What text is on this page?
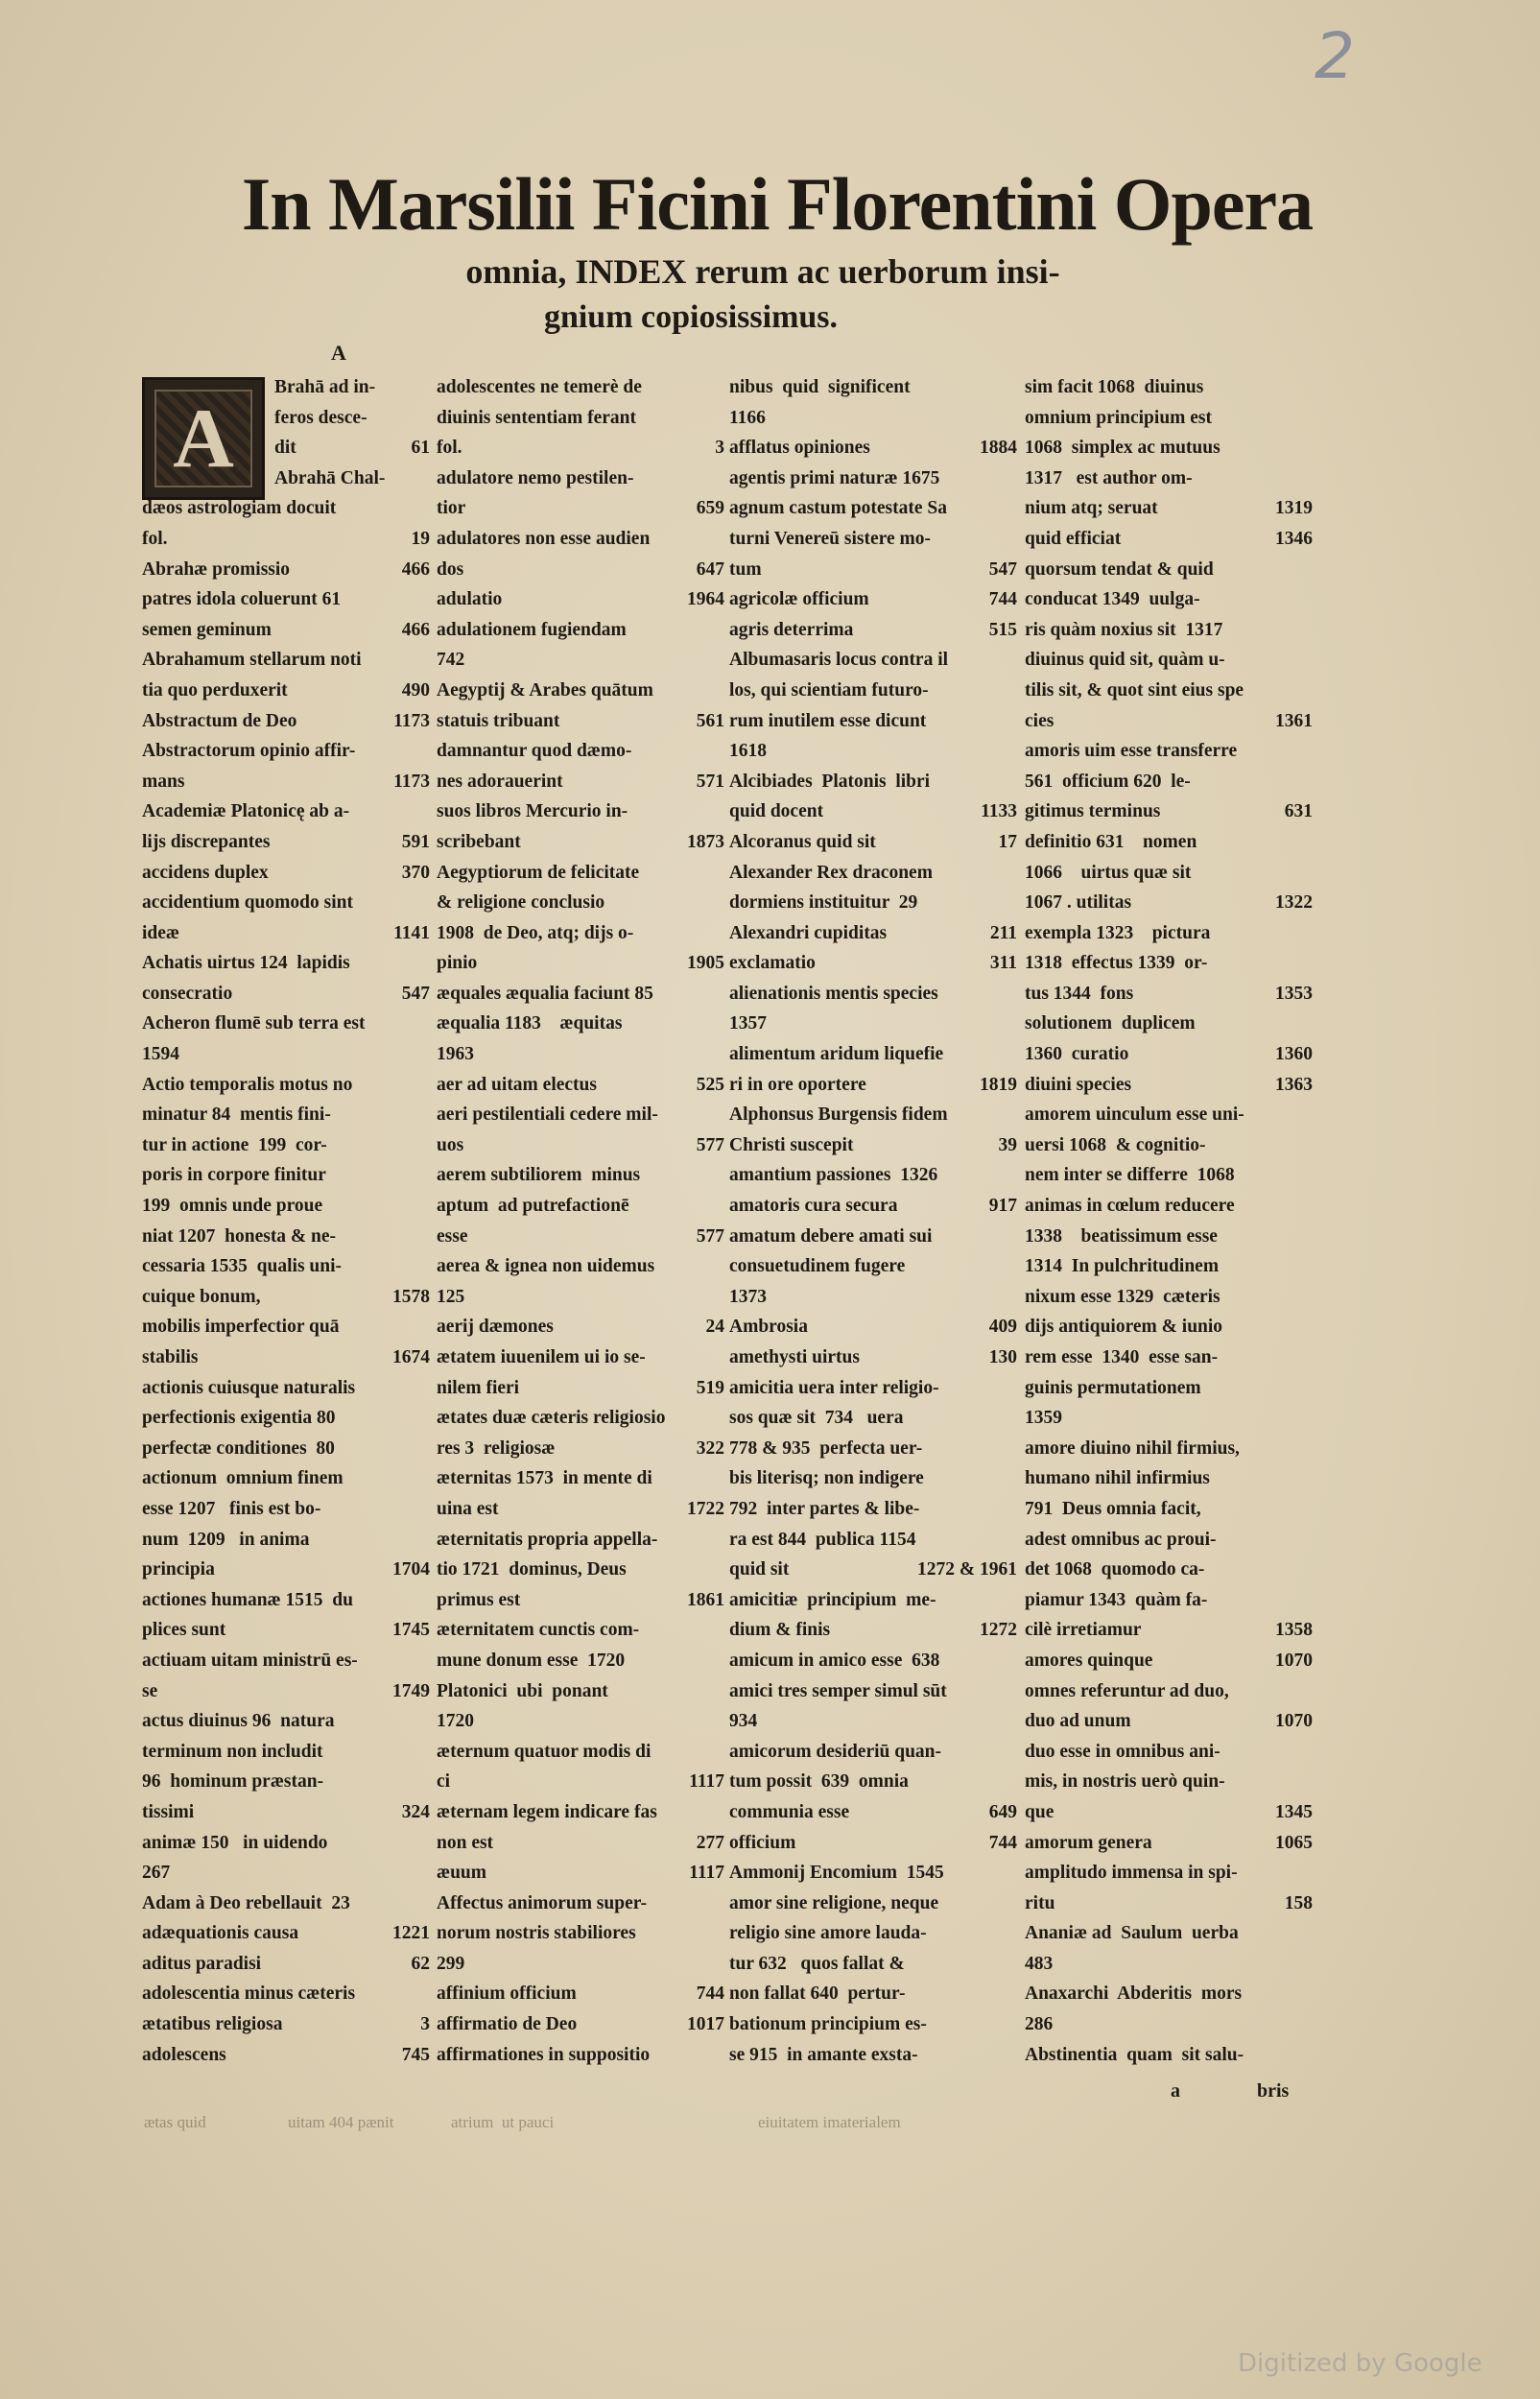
2
In Marsilii Ficini Florentini Opera
omnia, INDEX rerum ac uerborum insi-
gnium copiosissimus.
A
A
Brahā ad in-
feros desce-
dit	61
Abrahā Chal-
dæos astrologiam docuit
fol.	19
Abrahæ promissio	466
patres idola coluerunt 61
semen geminum	466
Abrahamum stellarum noti
tia quo perduxerit	490
Abstractum de Deo	1173
Abstractorum opinio affir-
mans	1173
Academiæ Platonicę ab a-
lijs discrepantes	591
accidens duplex	370
accidentium quomodo sint
ideæ	1141
Achatis uirtus 124  lapidis
consecratio	547
Acheron flumē sub terra est
1594
Actio temporalis motus no
minatur 84  mentis fini-
tur in actione  199  cor-
poris in corpore finitur
199  omnis unde proue
niat 1207  honesta & ne-
cessaria 1535  qualis uni-
cuique bonum,	1578
mobilis imperfectior quā
stabilis	1674
actionis cuiusque naturalis
perfectionis exigentia 80
perfectæ conditiones  80
actionum  omnium finem
esse 1207   finis est bo-
num  1209   in anima
principia	1704
actiones humanæ 1515  du
plices sunt	1745
actiuam uitam ministrū es-
se	1749
actus diuinus 96  natura
terminum non includit
96  hominum præstan-
tissimi	324
animæ 150   in uidendo
267
Adam à Deo rebellauit  23
adæquationis causa	1221
aditus paradisi	62
adolescentia minus cæteris
ætatibus religiosa	3
adolescens	745
adolescentes ne temerè de
diuinis sententiam ferant
fol.	3
adulatore nemo pestilen-
tior	659
adulatores non esse audien
dos	647
adulatio	1964
adulationem fugiendam
742
Aegyptij & Arabes quātum
statuis tribuant	561
damnantur quod dæmo-
nes adorauerint	571
suos libros Mercurio in-
scribebant	1873
Aegyptiorum de felicitate
& religione conclusio
1908  de Deo, atq; dijs o-
pinio	1905
æquales æqualia faciunt 85
æqualia 1183    æquitas
1963
aer ad uitam electus	525
aeri pestilentiali cedere mil-
uos	577
aerem subtiliorem  minus
aptum  ad putrefactionē
esse	577
aerea & ignea non uidemus
125
aerij dæmones	24
ætatem iuuenilem ui io se-
nilem fieri	519
ætates duæ cæteris religiosio
res 3  religiosæ	322
æternitas 1573  in mente di
uina est	1722
æternitatis propria appella-
tio 1721  dominus, Deus
primus est	1861
æternitatem cunctis com-
mune donum esse  1720
Platonici  ubi  ponant
1720
æternum quatuor modis di
ci	1117
æternam legem indicare fas
non est	277
æuum	1117
Affectus animorum super-
norum nostris stabiliores
299
affinium officium	744
affirmatio de Deo	1017
affirmationes in suppositio
nibus  quid  significent
1166
afflatus opiniones	1884
agentis primi naturæ 1675
agnum castum potestate Sa
turni Venereū sistere mo-
tum	547
agricolæ officium	744
agris deterrima	515
Albumasaris locus contra il
los, qui scientiam futuro-
rum inutilem esse dicunt
1618
Alcibiades  Platonis  libri
quid docent	1133
Alcoranus quid sit	17
Alexander Rex draconem
dormiens instituitur  29
Alexandri cupiditas	211
exclamatio	311
alienationis mentis species
1357
alimentum aridum liquefie
ri in ore oportere	1819
Alphonsus Burgensis fidem
Christi suscepit	39
amantium passiones  1326
amatoris cura secura	917
amatum debere amati sui
consuetudinem fugere
1373
Ambrosia	409
amethysti uirtus	130
amicitia uera inter religio-
sos quæ sit  734   uera
778 & 935  perfecta uer-
bis literisq; non indigere
792  inter partes & libe-
ra est 844  publica 1154
quid sit	1272 & 1961
amicitiæ  principium  me-
dium & finis	1272
amicum in amico esse  638
amici tres semper simul sūt
934
amicorum desideriū quan-
tum possit  639  omnia
communia esse	649
officium	744
Ammonij Encomium  1545
amor sine religione, neque
religio sine amore lauda-
tur 632   quos fallat &
non fallat 640  pertur-
bationum principium es-
se 915  in amante exsta-
sim facit 1068  diuinus
omnium principium est
1068  simplex ac mutuus
1317   est author om-
nium atq; seruat	1319
quid efficiat	1346
quorsum tendat & quid
conducat 1349  uulga-
ris quàm noxius sit  1317
diuinus quid sit, quàm u-
tilis sit, & quot sint eius spe
cies	1361
amoris uim esse transferre
561  officium 620  le-
gitimus terminus	631
definitio 631    nomen
1066    uirtus quæ sit
1067 . utilitas	1322
exempla 1323    pictura
1318  effectus 1339  or-
tus 1344  fons	1353
solutionem  duplicem
1360  curatio	1360
diuini species	1363
amorem uinculum esse uni-
uersi 1068  & cognitio-
nem inter se differre  1068
animas in cœlum reducere
1338    beatissimum esse
1314  In pulchritudinem
nixum esse 1329  cæteris
dijs antiquiorem & iunio
rem esse  1340  esse san-
guinis permutationem
1359
amore diuino nihil firmius,
humano nihil infirmius
791  Deus omnia facit,
adest omnibus ac proui-
det 1068  quomodo ca-
piamur 1343  quàm fa-
cilè irretiamur	1358
amores quinque	1070
omnes referuntur ad duo,
duo ad unum	1070
duo esse in omnibus ani-
mis, in nostris uerò quin-
que	1345
amorum genera	1065
amplitudo immensa in spi-
ritu	158
Ananiæ ad  Saulum  uerba
483
Anaxarchi  Abderitis  mors
286
Abstinentia  quam  sit salu-
a	bris
ætas quid	uitam 404 pænit	atrium  ut pauci	eiuitatem imaterialem
Digitized by Google
